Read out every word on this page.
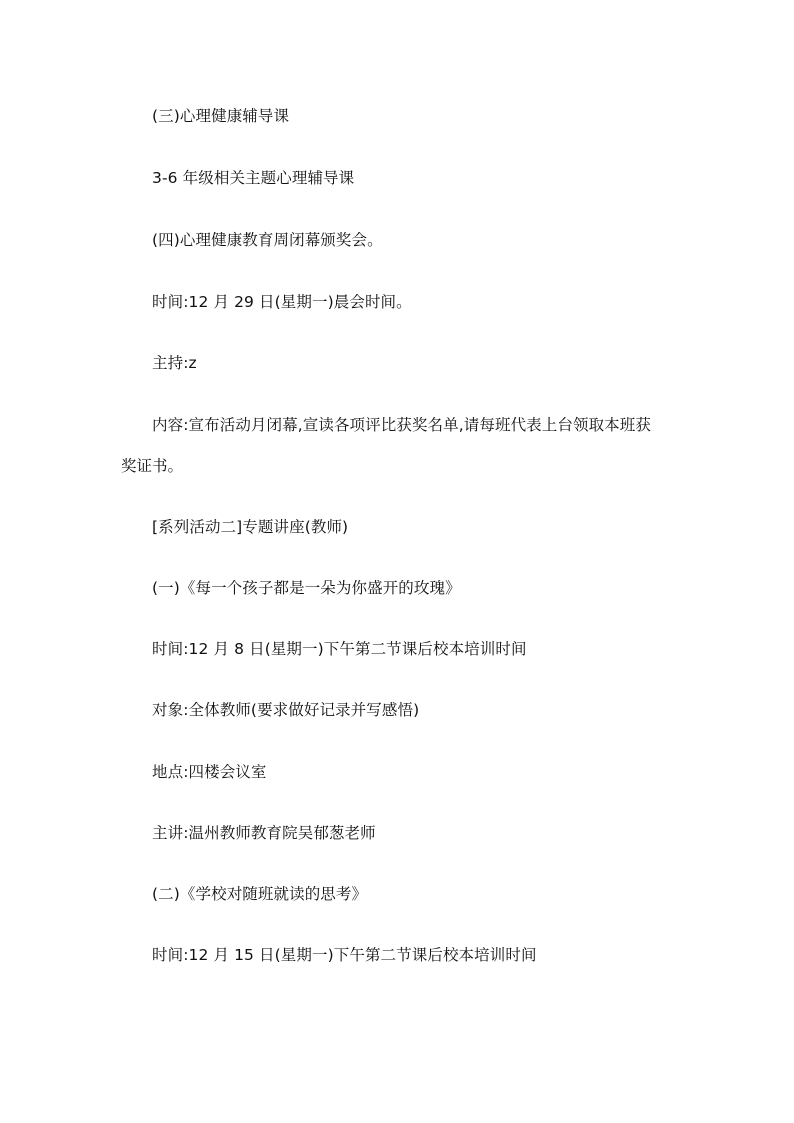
(三)心理健康辅导课
3-6 年级相关主题心理辅导课
(四)心理健康教育周闭幕颁奖会。
时间:12 月 29 日(星期一)晨会时间。
主持:z
内容:宣布活动月闭幕,宣读各项评比获奖名单,请每班代表上台领取本班获
奖证书。
[系列活动二]专题讲座(教师)
(一)《每一个孩子都是一朵为你盛开的玫瑰》
时间:12 月 8 日(星期一)下午第二节课后校本培训时间
对象:全体教师(要求做好记录并写感悟)
地点:四楼会议室
主讲:温州教师教育院吴郁葱老师
(二)《学校对随班就读的思考》
时间:12 月 15 日(星期一)下午第二节课后校本培训时间
